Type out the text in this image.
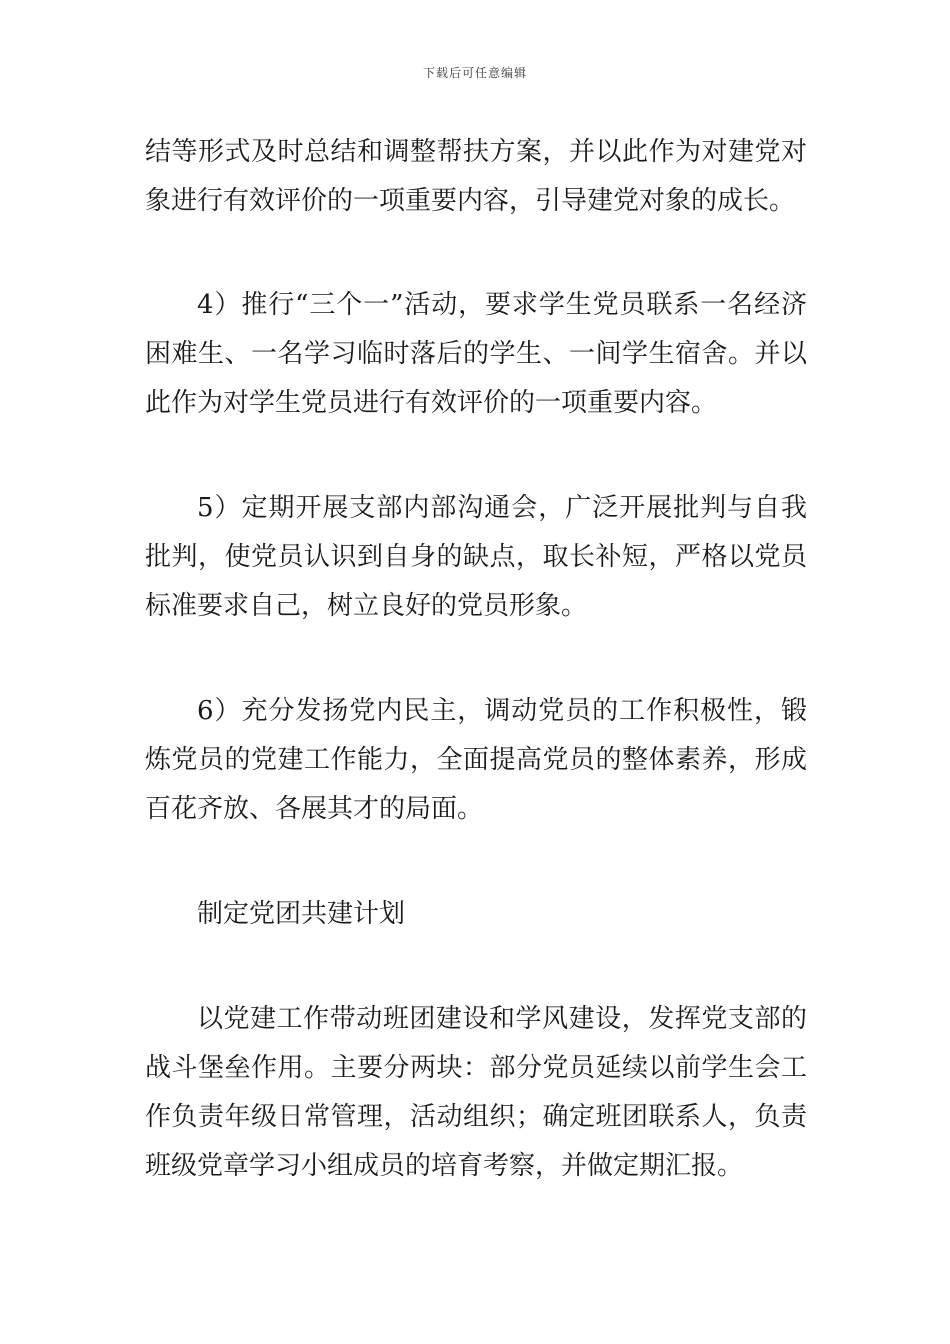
下载后可任意编辑

结等形式及时总结和调整帮扶方案，并以此作为对建党对象进行有效评价的一项重要内容，引导建党对象的成长。

4）推行“三个一”活动，要求学生党员联系一名经济困难生、一名学习临时落后的学生、一间学生宿舍。并以此作为对学生党员进行有效评价的一项重要内容。

5）定期开展支部内部沟通会，广泛开展批判与自我批判，使党员认识到自身的缺点，取长补短，严格以党员标准要求自己，树立良好的党员形象。

6）充分发扬党内民主，调动党员的工作积极性，锻炼党员的党建工作能力，全面提高党员的整体素养，形成百花齐放、各展其才的局面。

制定党团共建计划

以党建工作带动班团建设和学风建设，发挥党支部的战斗堡垒作用。主要分两块：部分党员延续以前学生会工作负责年级日常管理，活动组织；确定班团联系人，负责班级党章学习小组成员的培育考察，并做定期汇报。
